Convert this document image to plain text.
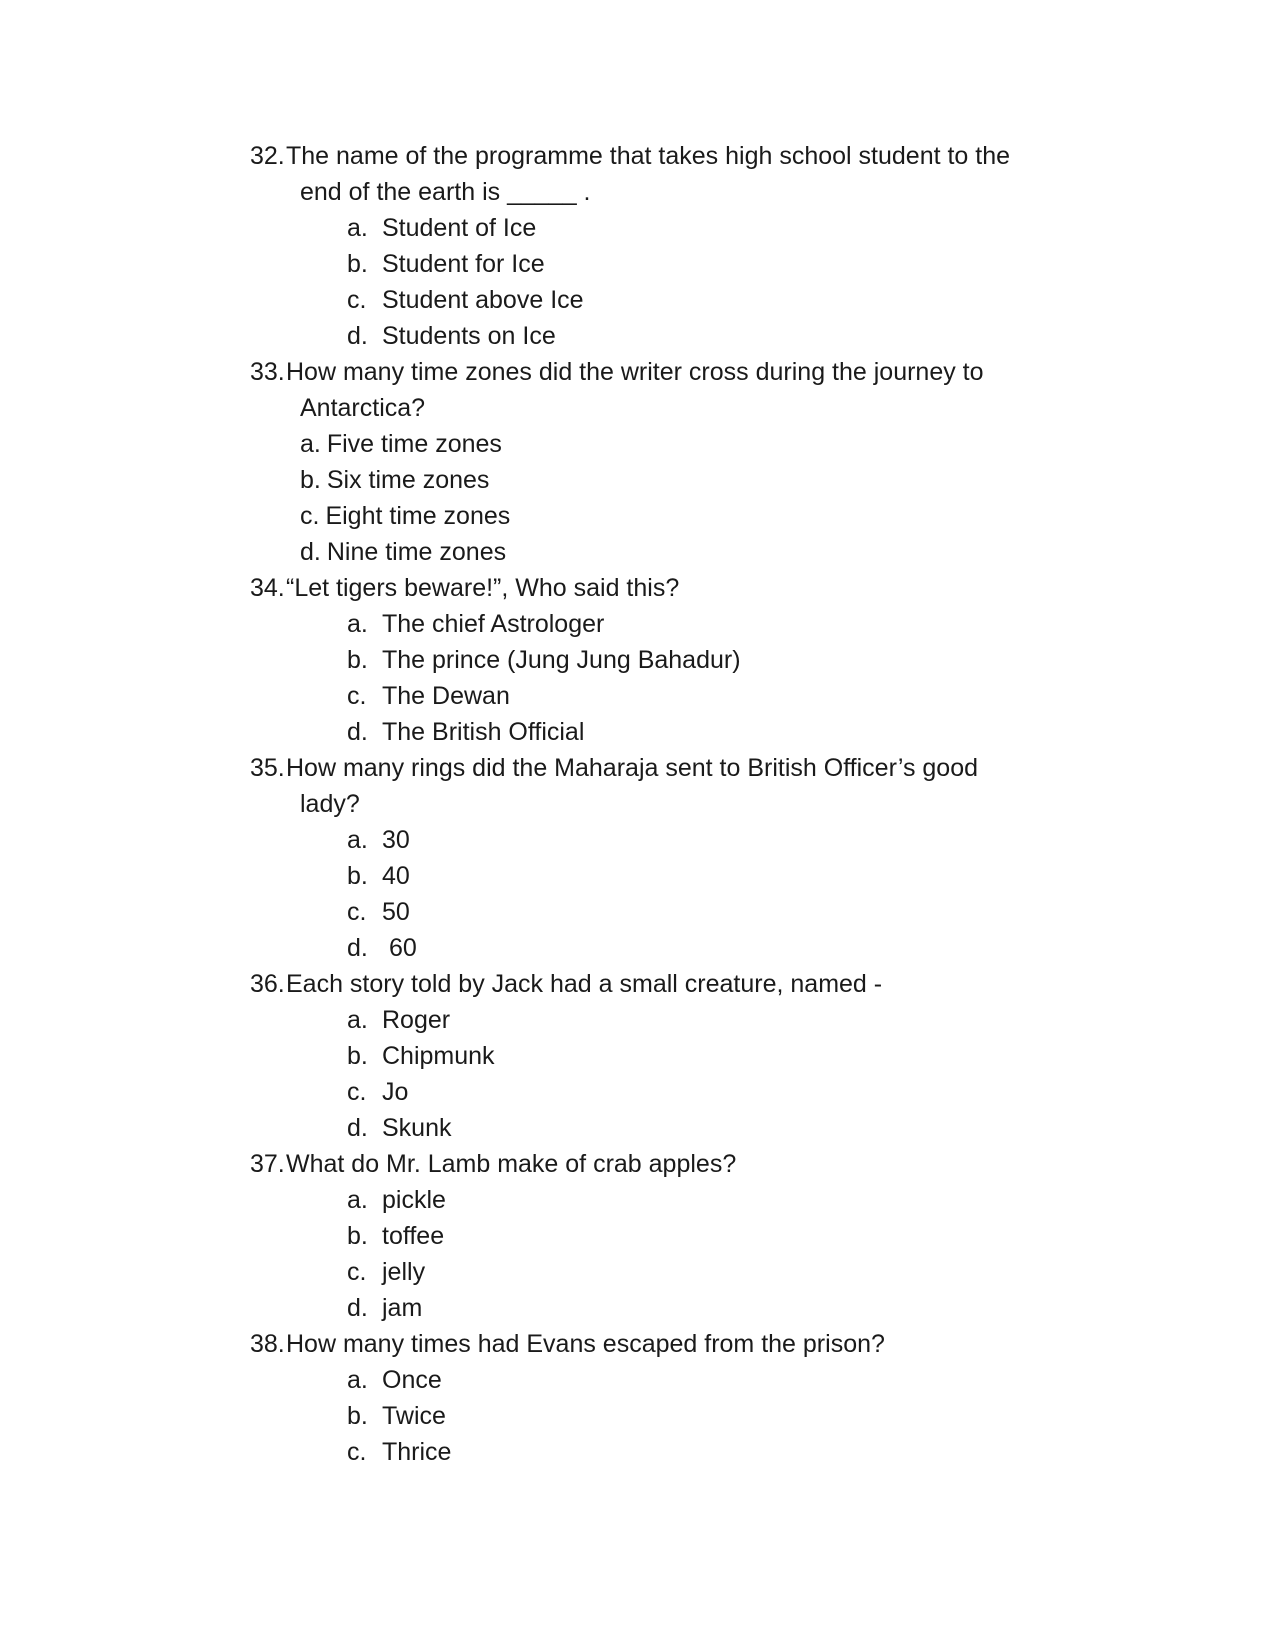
32. The name of the programme that takes high school student to the
end of the earth is _____ .
a. Student of Ice
b. Student for Ice
c. Student above Ice
d. Students on Ice
33. How many time zones did the writer cross during the journey to
Antarctica?
a. Five time zones
b. Six time zones
c. Eight time zones
d. Nine time zones
34. “Let tigers beware!”, Who said this?
a. The chief Astrologer
b. The prince (Jung Jung Bahadur)
c. The Dewan
d. The British Official
35. How many rings did the Maharaja sent to British Officer’s good
lady?
a. 30
b. 40
c. 50
d. 60
36. Each story told by Jack had a small creature, named -
a. Roger
b. Chipmunk
c. Jo
d. Skunk
37. What do Mr. Lamb make of crab apples?
a. pickle
b. toffee
c. jelly
d. jam
38. How many times had Evans escaped from the prison?
a. Once
b. Twice
c. Thrice
